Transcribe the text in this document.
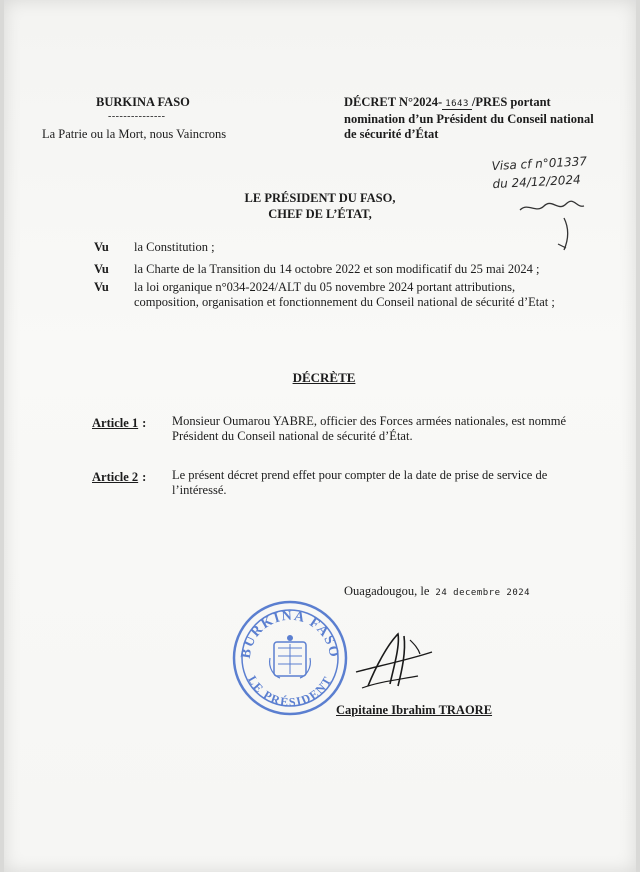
BURKINA FASO
---------------
La Patrie ou la Mort, nous Vaincrons
DÉCRET N°2024- 1643 /PRES portant nomination d’un Président du Conseil national de sécurité d’État
Visa cf n°01337
du 24/12/2024
LE PRÉSIDENT DU FASO,
CHEF DE L’ÉTAT,
Vu la Constitution ;
Vu la Charte de la Transition du 14 octobre 2022 et son modificatif du 25 mai 2024 ;
Vu la loi organique n°034-2024/ALT du 05 novembre 2024 portant attributions, composition, organisation et fonctionnement du Conseil national de sécurité d’Etat ;
DÉCRÈTE
Article 1 : Monsieur Oumarou YABRE, officier des Forces armées nationales, est nommé Président du Conseil national de sécurité d’État.
Article 2 : Le présent décret prend effet pour compter de la date de prise de service de l’intéressé.
Ouagadougou, le 24 decembre 2024
BURKINA FASO
LE PRÉSIDENT
Capitaine Ibrahim TRAORE
